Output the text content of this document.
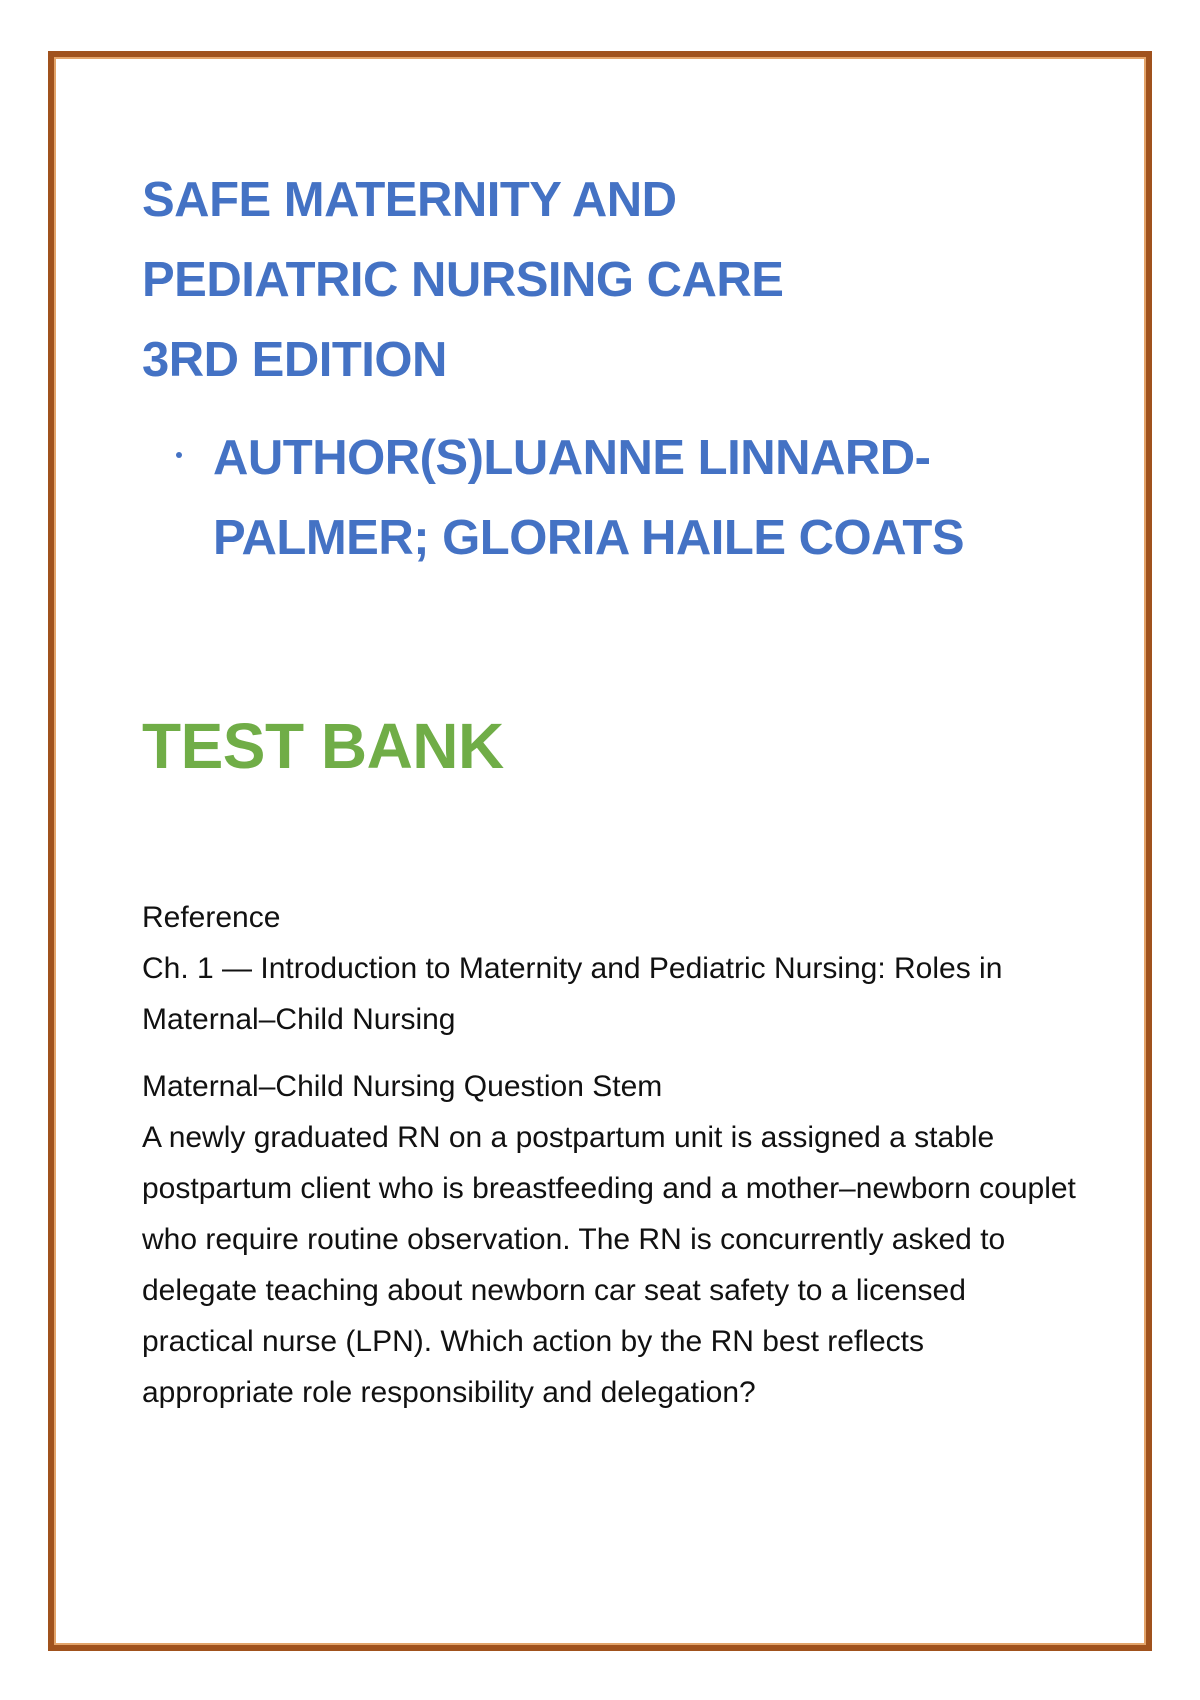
SAFE MATERNITY AND PEDIATRIC NURSING CARE
3RD EDITION
AUTHOR(S)LUANNE LINNARD-PALMER; GLORIA HAILE COATS
TEST BANK

Reference

Ch. 1 — Introduction to Maternity and Pediatric Nursing: Roles in Maternal–Child Nursing

Maternal–Child Nursing Question Stem

A newly graduated RN on a postpartum unit is assigned a stable postpartum client who is breastfeeding and a mother–newborn couplet who require routine observation. The RN is concurrently asked to delegate teaching about newborn car seat safety to a licensed practical nurse (LPN). Which action by the RN best reflects appropriate role responsibility and delegation?
